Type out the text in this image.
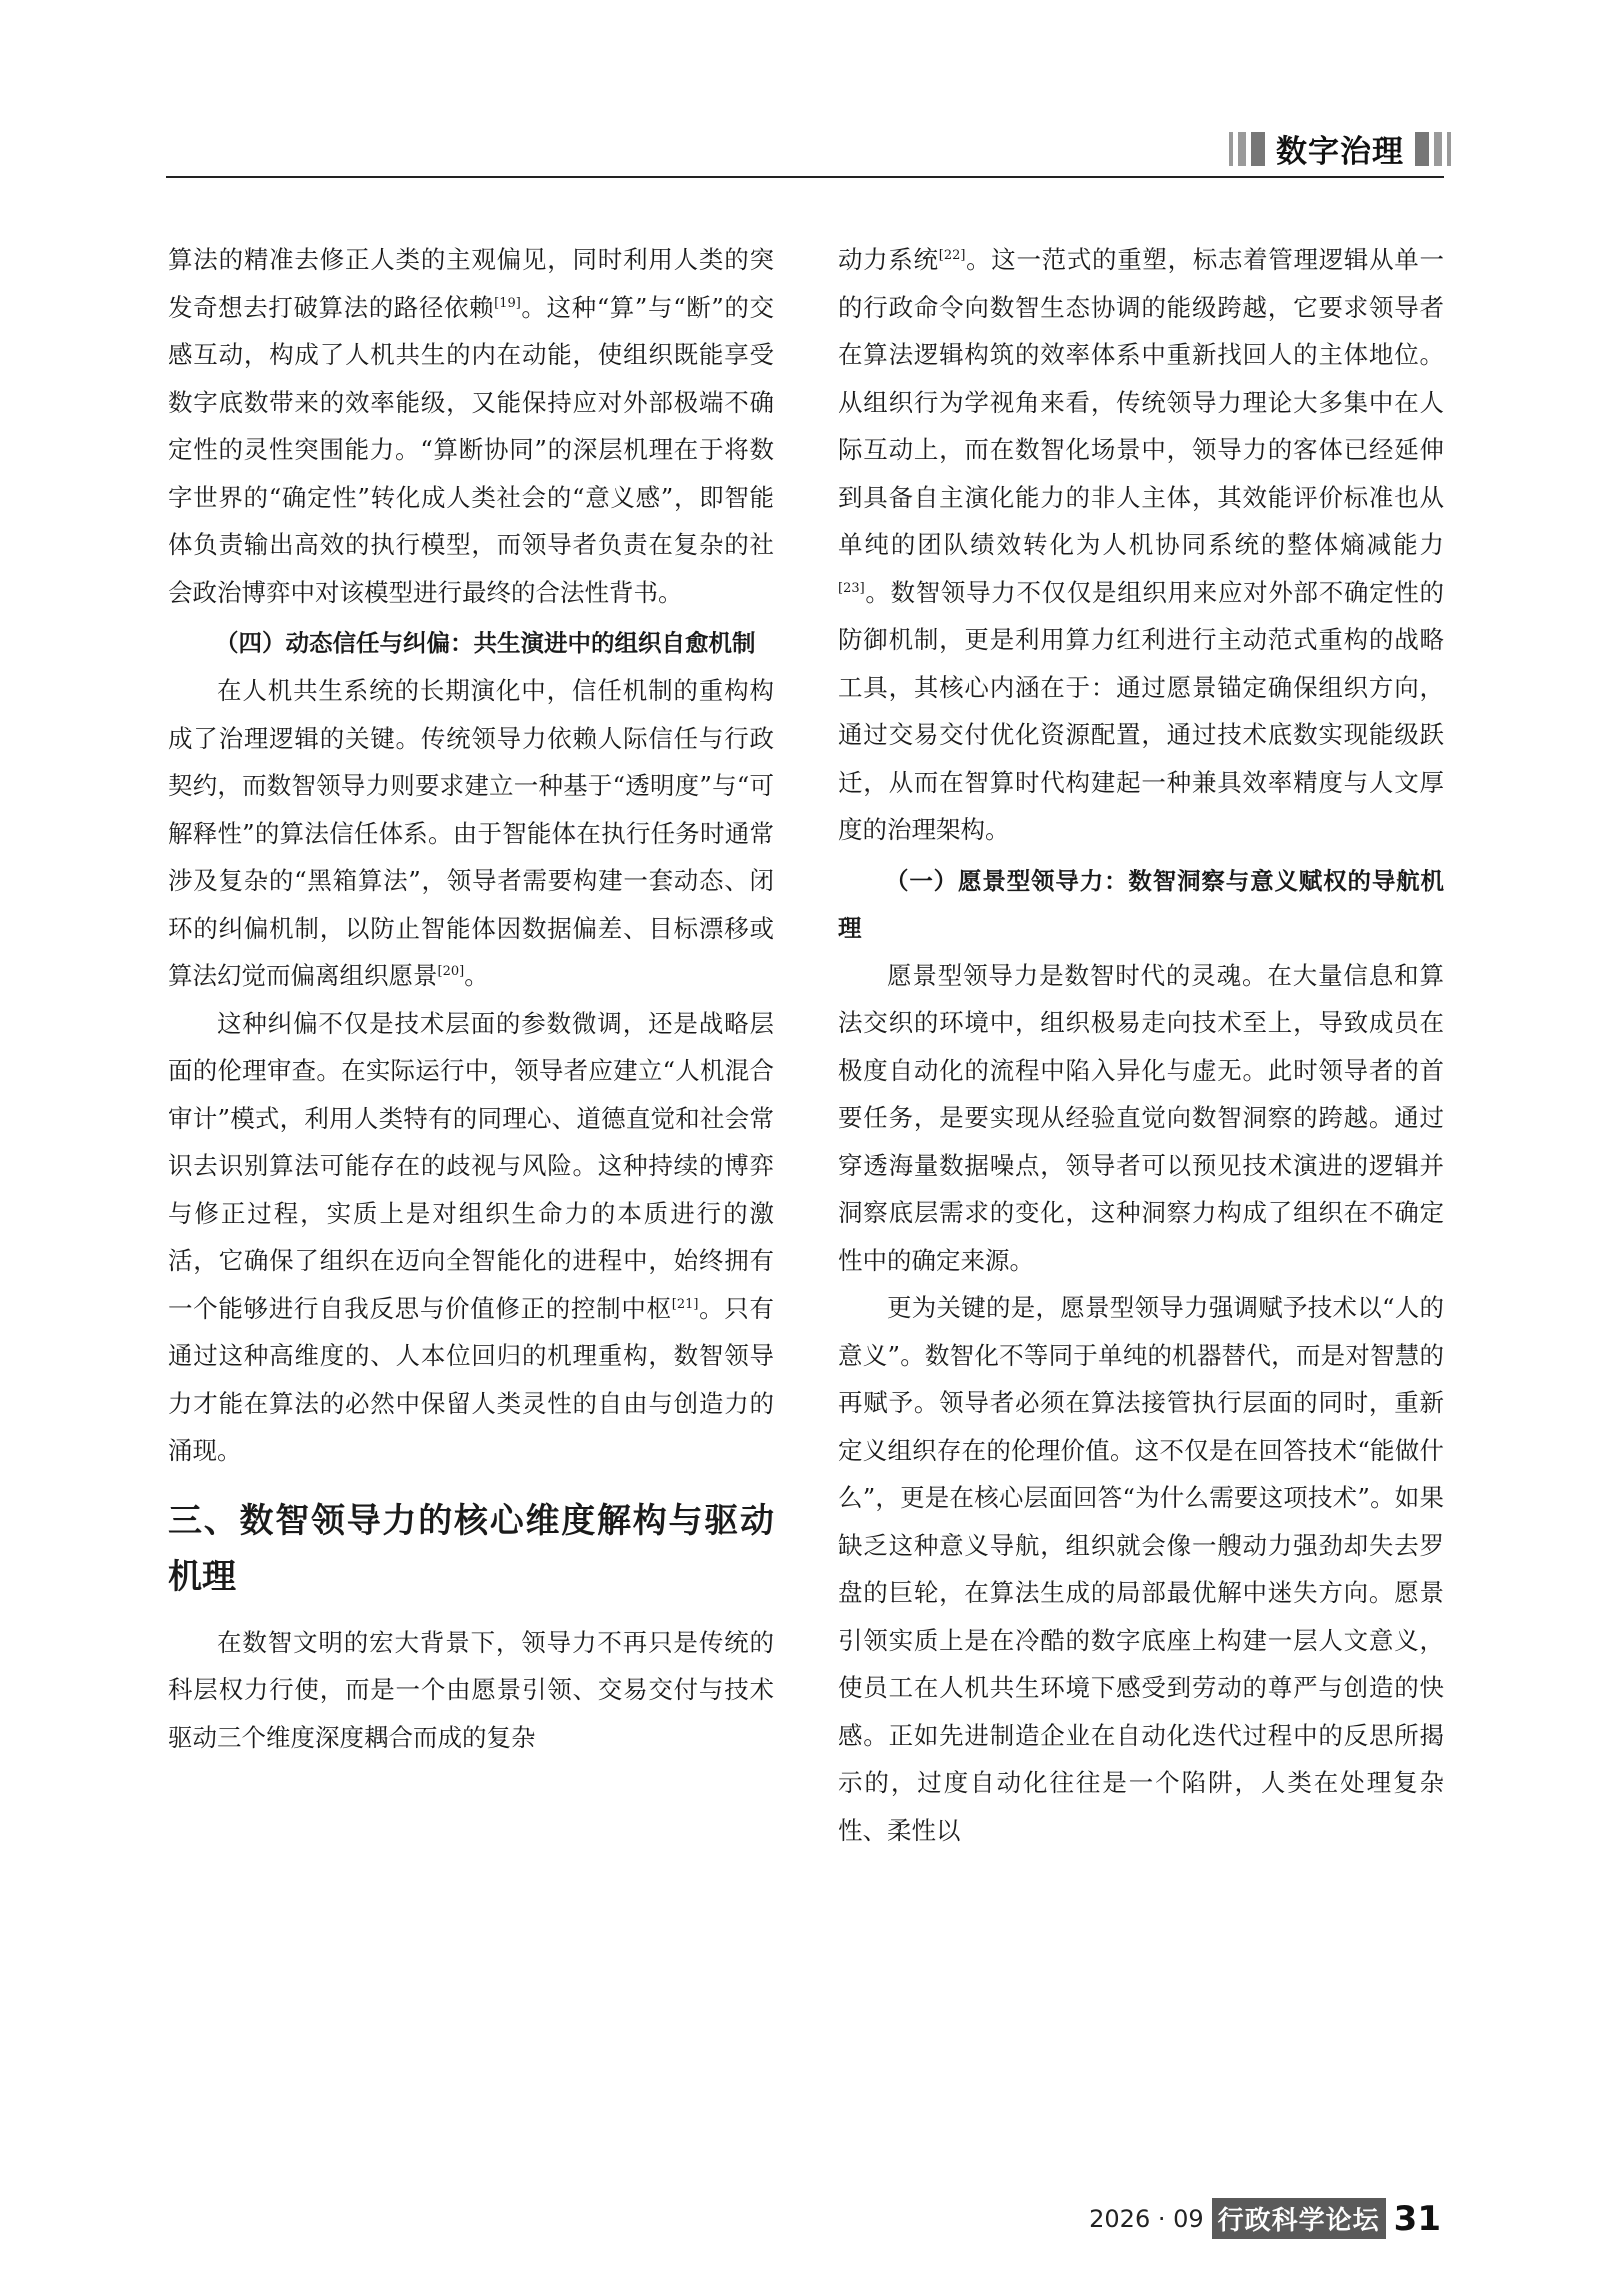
数字治理

算法的精准去修正人类的主观偏见，同时利用人类的突发奇想去打破算法的路径依赖[19]。这种“算”与“断”的交感互动，构成了人机共生的内在动能，使组织既能享受数字底数带来的效率能级，又能保持应对外部极端不确定性的灵性突围能力。“算断协同”的深层机理在于将数字世界的“确定性”转化成人类社会的“意义感”，即智能体负责输出高效的执行模型，而领导者负责在复杂的社会政治博弈中对该模型进行最终的合法性背书。

（四）动态信任与纠偏：共生演进中的组织自愈机制

在人机共生系统的长期演化中，信任机制的重构构成了治理逻辑的关键。传统领导力依赖人际信任与行政契约，而数智领导力则要求建立一种基于“透明度”与“可解释性”的算法信任体系。由于智能体在执行任务时通常涉及复杂的“黑箱算法”，领导者需要构建一套动态、闭环的纠偏机制，以防止智能体因数据偏差、目标漂移或算法幻觉而偏离组织愿景[20]。

这种纠偏不仅是技术层面的参数微调，还是战略层面的伦理审查。在实际运行中，领导者应建立“人机混合审计”模式，利用人类特有的同理心、道德直觉和社会常识去识别算法可能存在的歧视与风险。这种持续的博弈与修正过程，实质上是对组织生命力的本质进行的激活，它确保了组织在迈向全智能化的进程中，始终拥有一个能够进行自我反思与价值修正的控制中枢[21]。只有通过这种高维度的、人本位回归的机理重构，数智领导力才能在算法的必然中保留人类灵性的自由与创造力的涌现。

三、数智领导力的核心维度解构与驱动机理

在数智文明的宏大背景下，领导力不再只是传统的科层权力行使，而是一个由愿景引领、交易交付与技术驱动三个维度深度耦合而成的复杂

动力系统[22]。这一范式的重塑，标志着管理逻辑从单一的行政命令向数智生态协调的能级跨越，它要求领导者在算法逻辑构筑的效率体系中重新找回人的主体地位。从组织行为学视角来看，传统领导力理论大多集中在人际互动上，而在数智化场景中，领导力的客体已经延伸到具备自主演化能力的非人主体，其效能评价标准也从单纯的团队绩效转化为人机协同系统的整体熵减能力[23]。数智领导力不仅仅是组织用来应对外部不确定性的防御机制，更是利用算力红利进行主动范式重构的战略工具，其核心内涵在于：通过愿景锚定确保组织方向，通过交易交付优化资源配置，通过技术底数实现能级跃迁，从而在智算时代构建起一种兼具效率精度与人文厚度的治理架构。

（一）愿景型领导力：数智洞察与意义赋权的导航机理

愿景型领导力是数智时代的灵魂。在大量信息和算法交织的环境中，组织极易走向技术至上，导致成员在极度自动化的流程中陷入异化与虚无。此时领导者的首要任务，是要实现从经验直觉向数智洞察的跨越。通过穿透海量数据噪点，领导者可以预见技术演进的逻辑并洞察底层需求的变化，这种洞察力构成了组织在不确定性中的确定来源。

更为关键的是，愿景型领导力强调赋予技术以“人的意义”。数智化不等同于单纯的机器替代，而是对智慧的再赋予。领导者必须在算法接管执行层面的同时，重新定义组织存在的伦理价值。这不仅是在回答技术“能做什么”，更是在核心层面回答“为什么需要这项技术”。如果缺乏这种意义导航，组织就会像一艘动力强劲却失去罗盘的巨轮，在算法生成的局部最优解中迷失方向。愿景引领实质上是在冷酷的数字底座上构建一层人文意义，使员工在人机共生环境下感受到劳动的尊严与创造的快感。正如先进制造企业在自动化迭代过程中的反思所揭示的，过度自动化往往是一个陷阱，人类在处理复杂性、柔性以

2026 · 09 行政科学论坛 31
